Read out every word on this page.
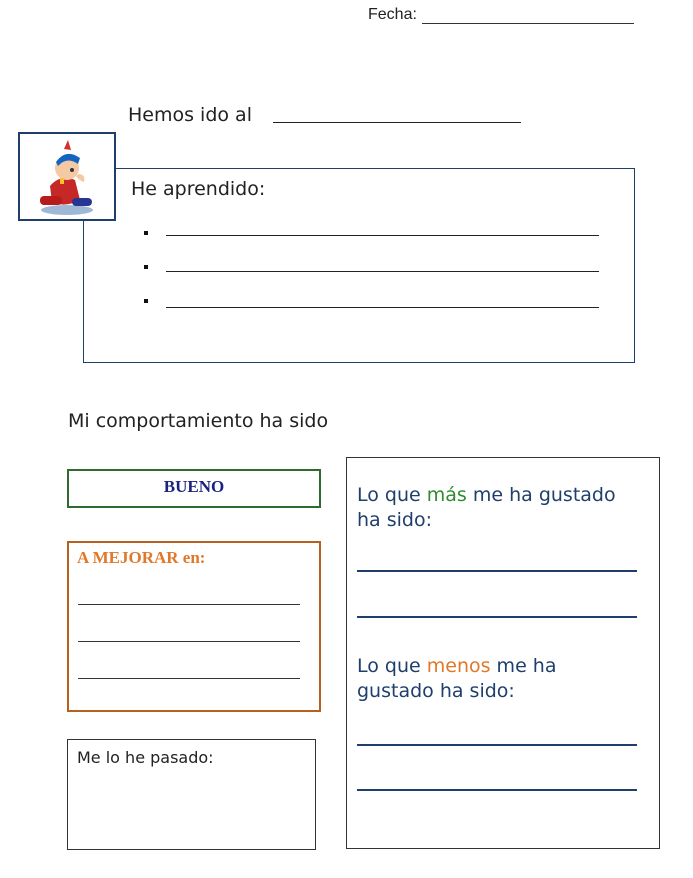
Fecha:
Hemos ido al
He aprendido:
Mi comportamiento ha sido
BUENO
A MEJORAR en:
Me lo he pasado:
Lo que más me ha gustado
ha sido:
Lo que menos me ha
gustado ha sido:
